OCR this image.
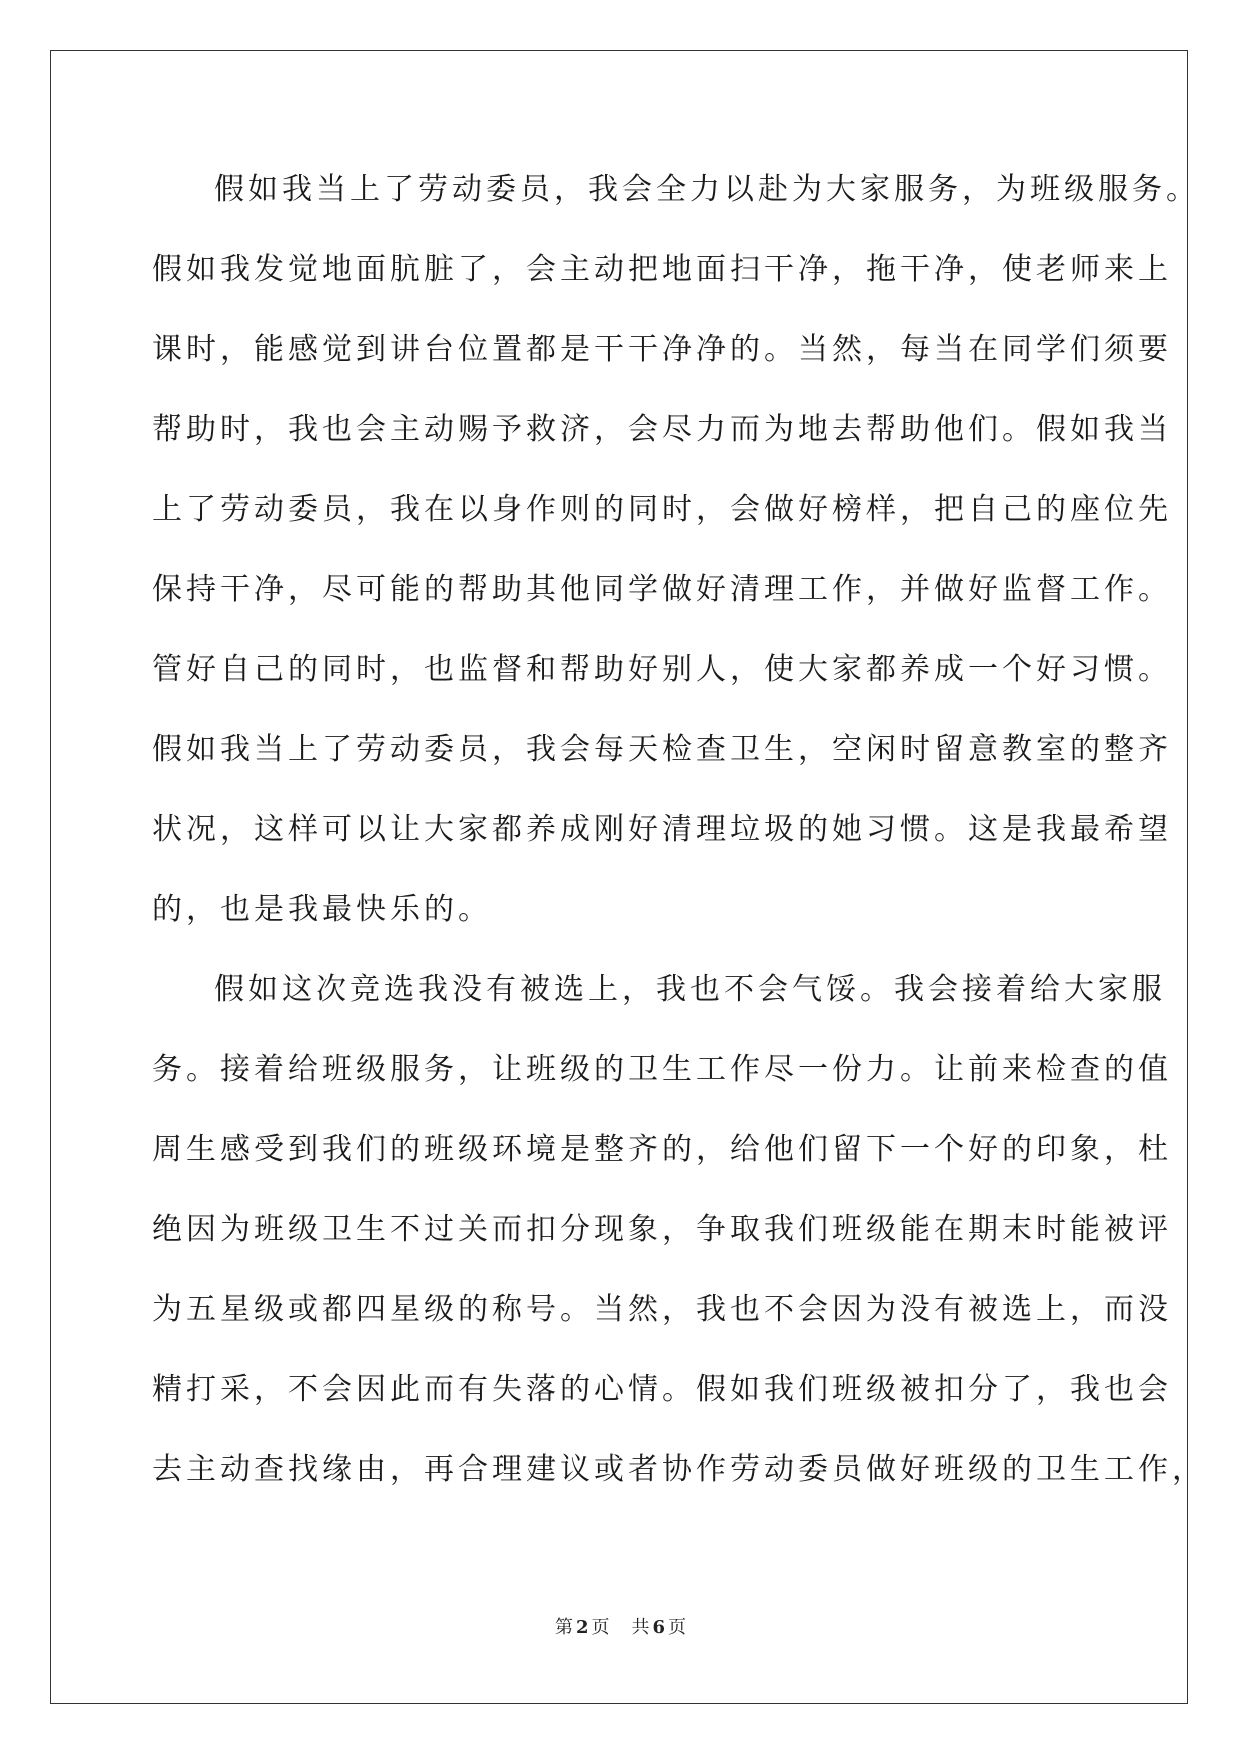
假如我当上了劳动委员，我会全力以赴为大家服务，为班级服务。
假如我发觉地面肮脏了，会主动把地面扫干净，拖干净，使老师来上
课时，能感觉到讲台位置都是干干净净的。当然，每当在同学们须要
帮助时，我也会主动赐予救济，会尽力而为地去帮助他们。假如我当
上了劳动委员，我在以身作则的同时，会做好榜样，把自己的座位先
保持干净，尽可能的帮助其他同学做好清理工作，并做好监督工作。
管好自己的同时，也监督和帮助好别人，使大家都养成一个好习惯。
假如我当上了劳动委员，我会每天检查卫生，空闲时留意教室的整齐
状况，这样可以让大家都养成刚好清理垃圾的她习惯。这是我最希望
的，也是我最快乐的。
假如这次竞选我没有被选上，我也不会气馁。我会接着给大家服
务。接着给班级服务，让班级的卫生工作尽一份力。让前来检查的值
周生感受到我们的班级环境是整齐的，给他们留下一个好的印象，杜
绝因为班级卫生不过关而扣分现象，争取我们班级能在期末时能被评
为五星级或都四星级的称号。当然，我也不会因为没有被选上，而没
精打采，不会因此而有失落的心情。假如我们班级被扣分了，我也会
去主动查找缘由，再合理建议或者协作劳动委员做好班级的卫生工作，
第 2 页 共 6 页
